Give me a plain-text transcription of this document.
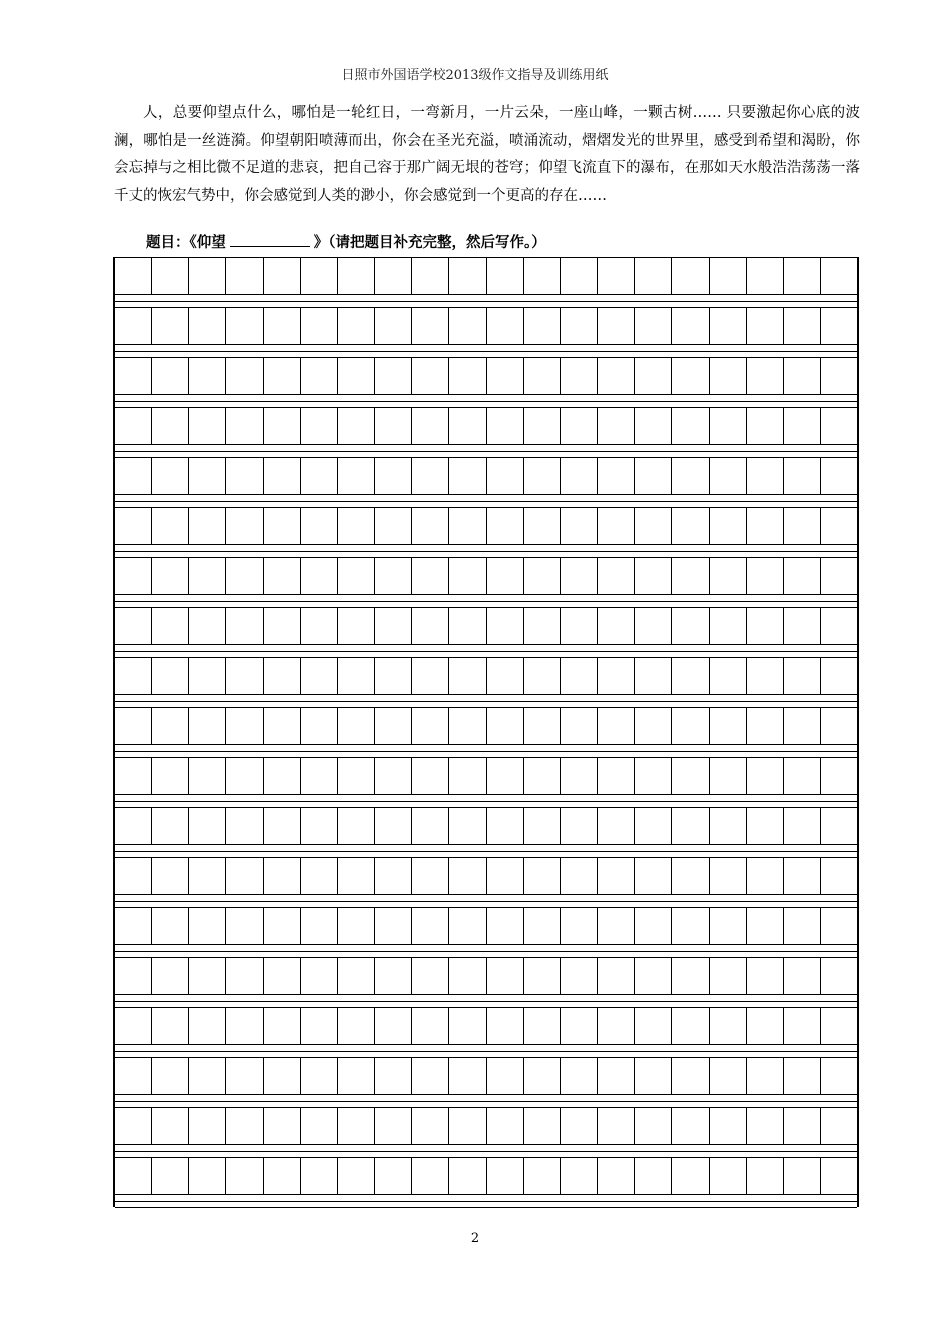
日照市外国语学校2013级作文指导及训练用纸

人，总要仰望点什么，哪怕是一轮红日，一弯新月，一片云朵，一座山峰，一颗古树…… 只要激起你心底的波澜，哪怕是一丝涟漪。仰望朝阳喷薄而出，你会在圣光充溢，喷涌流动，熠熠发光的世界里，感受到希望和渴盼，你会忘掉与之相比微不足道的悲哀，把自己容于那广阔无垠的苍穹；仰望飞流直下的瀑布，在那如天水般浩浩荡荡一落千丈的恢宏气势中，你会感觉到人类的渺小，你会感觉到一个更高的存在……

题目：《仰望	》（请把题目补充完整，然后写作。）
2
